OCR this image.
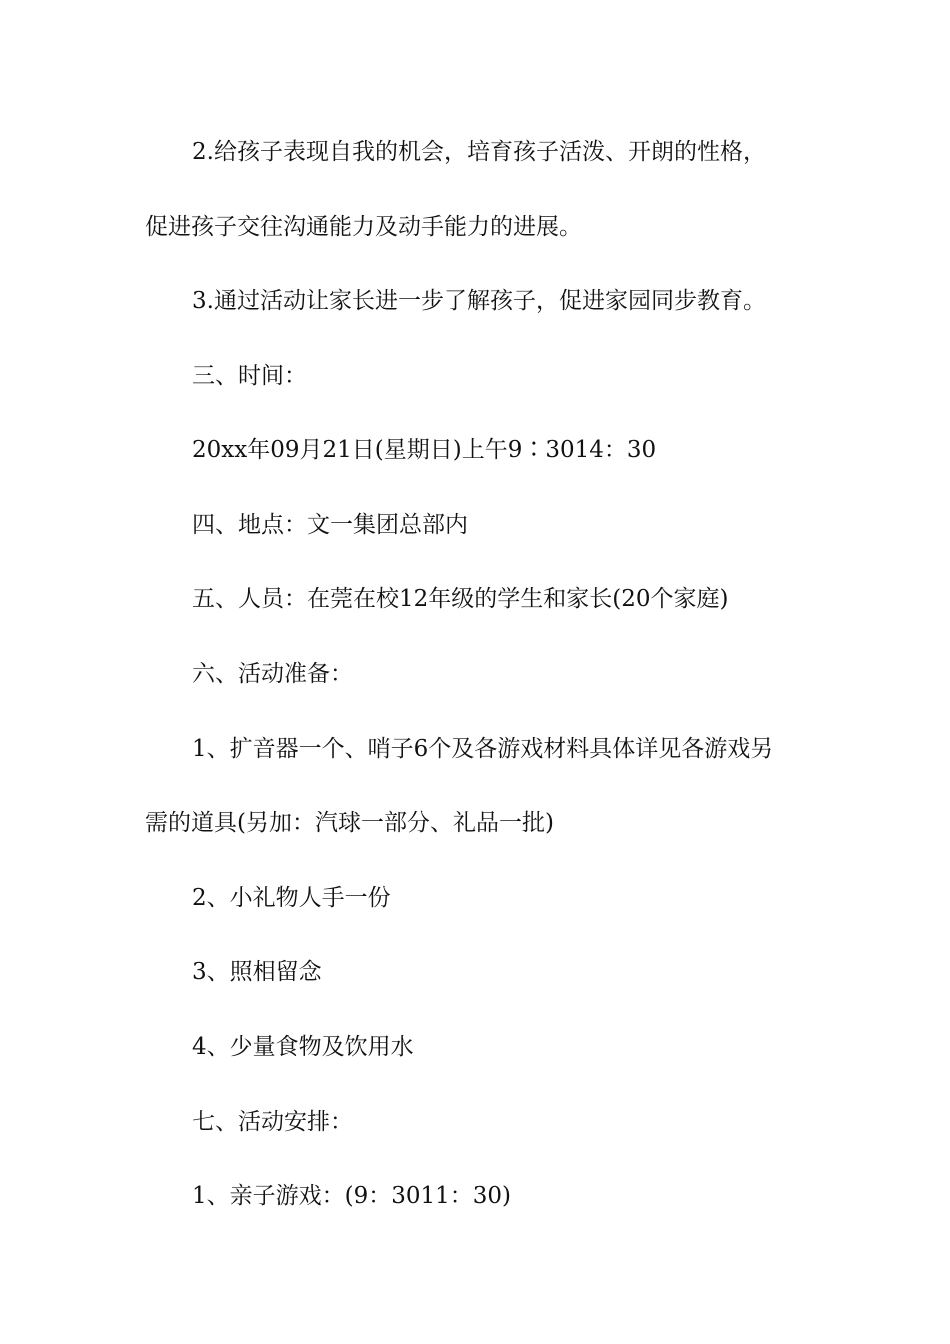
2.给孩子表现自我的机会，培育孩子活泼、开朗的性格，
促进孩子交往沟通能力及动手能力的进展。
3.通过活动让家长进一步了解孩子，促进家园同步教育。
三、时间：
20xx年09月21日(星期日)上午9∶3014：30
四、地点：文一集团总部内
五、人员：在莞在校12年级的学生和家长(20个家庭)
六、活动准备：
1、扩音器一个、哨子6个及各游戏材料具体详见各游戏另
需的道具(另加：汽球一部分、礼品一批)
2、小礼物人手一份
3、照相留念
4、少量食物及饮用水
七、活动安排：
1、亲子游戏：(9：3011：30)
